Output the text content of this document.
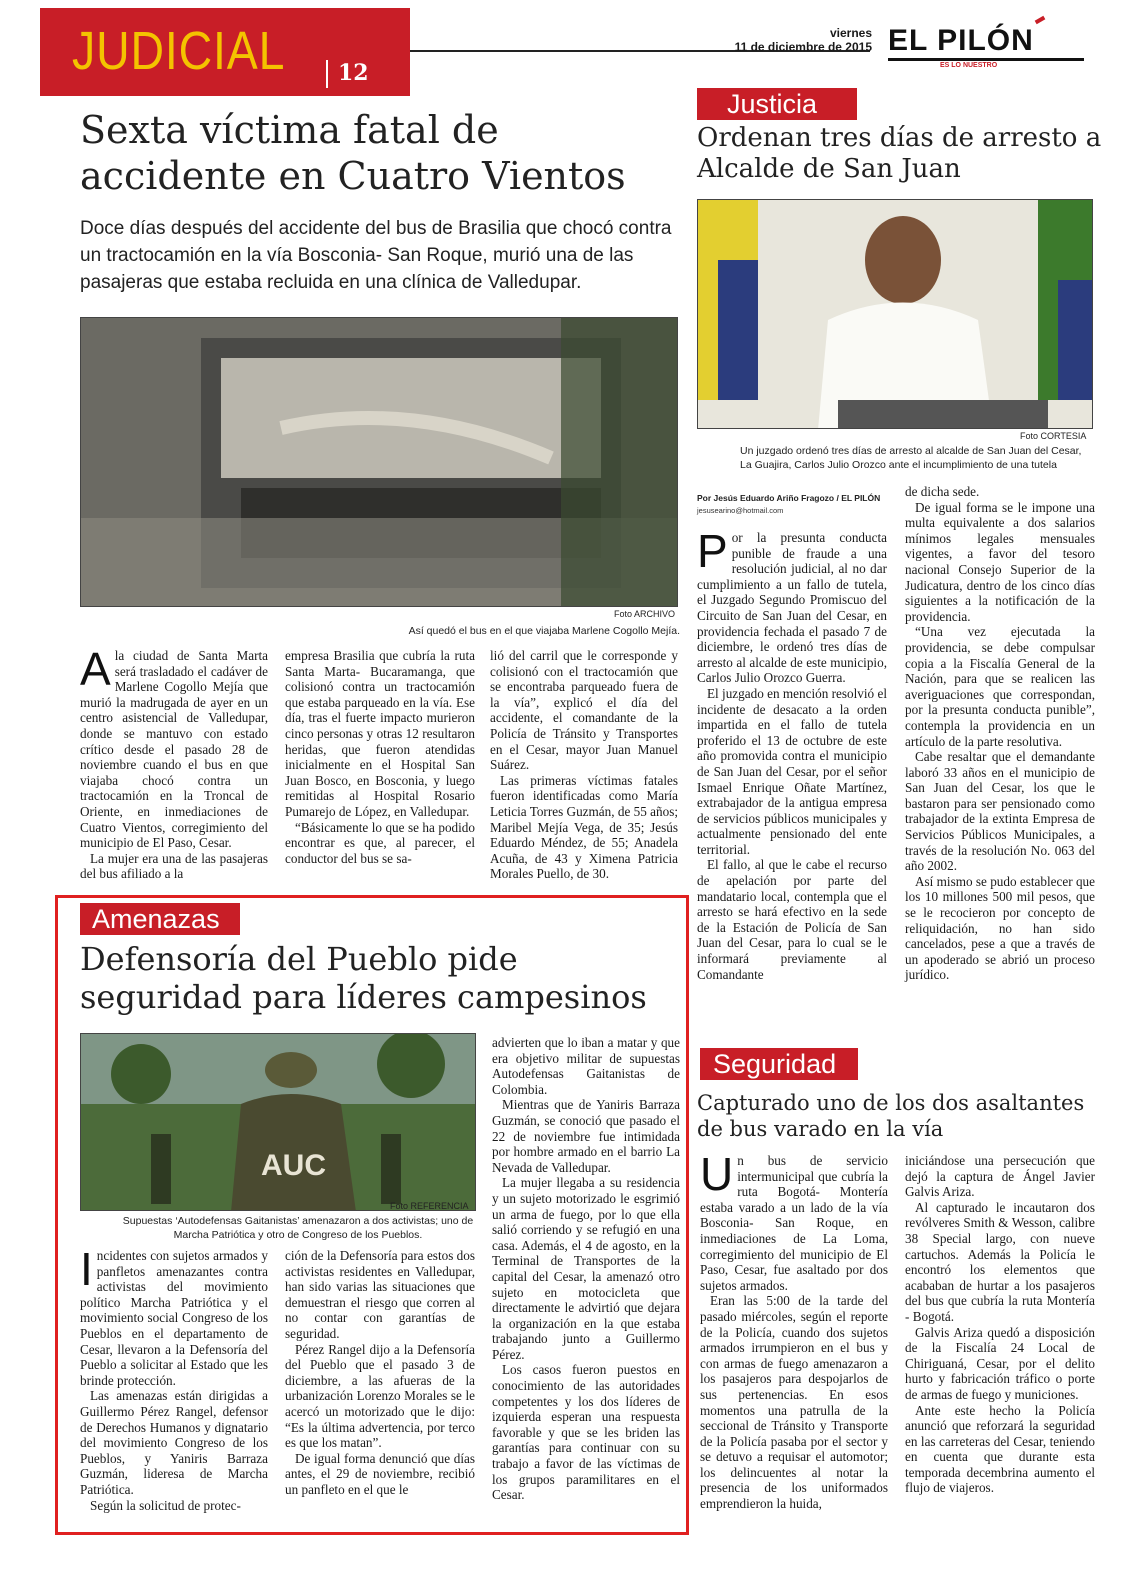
JUDICIAL 12
viernes
11 de diciembre de 2015 EL PILÓN
ES LO NUESTRO
Sexta víctima fatal de accidente en Cuatro Vientos
Doce días después del accidente del bus de Brasilia que chocó contra un tractocamión en la vía Bosconia- San Roque, murió una de las pasajeras que estaba recluida en una clínica de Valledupar.
Foto ARCHIVO
Así quedó el bus en el que viajaba Marlene Cogollo Mejía.
A la ciudad de Santa Marta será trasladado el cadáver de Marlene Cogollo Mejía que murió la madrugada de ayer en un centro asistencial de Valledupar, donde se mantuvo con estado crítico desde el pasado 28 de noviembre cuando el bus en que viajaba chocó contra un tractocamión en la Troncal de Oriente, en inmediaciones de Cuatro Vientos, corregimiento del municipio de El Paso, Cesar.

La mujer era una de las pasajeras del bus afiliado a la

empresa Brasilia que cubría la ruta Santa Marta- Bucaramanga, que colisionó contra un tractocamión que estaba parqueado en la vía. Ese día, tras el fuerte impacto murieron cinco personas y otras 12 resultaron heridas, que fueron atendidas inicialmente en el Hospital San Juan Bosco, en Bosconia, y luego remitidas al Hospital Rosario Pumarejo de López, en Valledupar.

“Básicamente lo que se ha podido encontrar es que, al parecer, el conductor del bus se sa-

lió del carril que le corresponde y colisionó con el tractocamión que se encontraba parqueado fuera de la vía”, explicó el día del accidente, el comandante de la Policía de Tránsito y Transportes en el Cesar, mayor Juan Manuel Suárez.

Las primeras víctimas fatales fueron identificadas como María Leticia Torres Guzmán, de 55 años; Maribel Mejía Vega, de 35; Jesús Eduardo Méndez, de 55; Anadela Acuña, de 43 y Ximena Patricia Morales Puello, de 30.

Justicia
Ordenan tres días de arresto a Alcalde de San Juan
Foto CORTESIA
Un juzgado ordenó tres días de arresto al alcalde de San Juan del Cesar, La Guajira, Carlos Julio Orozco ante el incumplimiento de una tutela
Por Jesús Eduardo Ariño Fragozo / EL PILÓN
jesusearino@hotmail.com
P or la presunta conducta punible de fraude a una resolución judicial, al no dar cumplimiento a un fallo de tutela, el Juzgado Segundo Promiscuo del Circuito de San Juan del Cesar, en providencia fechada el pasado 7 de diciembre, le ordenó tres días de arresto al alcalde de este municipio, Carlos Julio Orozco Guerra.

El juzgado en mención resolvió el incidente de desacato a la orden impartida en el fallo de tutela proferido el 13 de octubre de este año promovida contra el municipio de San Juan del Cesar, por el señor Ismael Enrique Oñate Martínez, extrabajador de la antigua empresa de servicios públicos municipales y actualmente pensionado del ente territorial.

El fallo, al que le cabe el recurso de apelación por parte del mandatario local, contempla que el arresto se hará efectivo en la sede de la Estación de Policía de San Juan del Cesar, para lo cual se le informará previamente al Comandante

de dicha sede.

De igual forma se le impone una multa equivalente a dos salarios mínimos legales mensuales vigentes, a favor del tesoro nacional Consejo Superior de la Judicatura, dentro de los cinco días siguientes a la notificación de la providencia.

“Una vez ejecutada la providencia, se debe compulsar copia a la Fiscalía General de la Nación, para que se realicen las averiguaciones que correspondan, por la presunta conducta punible”, contempla la providencia en un artículo de la parte resolutiva.

Cabe resaltar que el demandante laboró 33 años en el municipio de San Juan del Cesar, los que le bastaron para ser pensionado como trabajador de la extinta Empresa de Servicios Públicos Municipales, a través de la resolución No. 063 del año 2002.

Así mismo se pudo establecer que los 10 millones 500 mil pesos, que se le recocieron por concepto de reliquidación, no han sido cancelados, pese a que a través de un apoderado se abrió un proceso jurídico.

Amenazas
Defensoría del Pueblo pide seguridad para líderes campesinos
AUC
Foto REFERENCIA
Supuestas ‘Autodefensas Gaitanistas’ amenazaron a dos activistas; uno de Marcha Patriótica y otro de Congreso de los Pueblos.
I ncidentes con sujetos armados y panfletos amenazantes contra activistas del movimiento político Marcha Patriótica y el movimiento social Congreso de los Pueblos en el departamento de Cesar, llevaron a la Defensoría del Pueblo a solicitar al Estado que les brinde protección.

Las amenazas están dirigidas a Guillermo Pérez Rangel, defensor de Derechos Humanos y dignatario del movimiento Congreso de los Pueblos, y Yaniris Barraza Guzmán, lideresa de Marcha Patriótica.

Según la solicitud de protec-

ción de la Defensoría para estos dos activistas residentes en Valledupar, han sido varias las situaciones que demuestran el riesgo que corren al no contar con garantías de seguridad.

Pérez Rangel dijo a la Defensoría del Pueblo que el pasado 3 de diciembre, a las afueras de la urbanización Lorenzo Morales se le acercó un motorizado que le dijo: “Es la última advertencia, por terco es que los matan”.

De igual forma denunció que días antes, el 29 de noviembre, recibió un panfleto en el que le

advierten que lo iban a matar y que era objetivo militar de supuestas Autodefensas Gaitanistas de Colombia.

Mientras que de Yaniris Barraza Guzmán, se conoció que pasado el 22 de noviembre fue intimidada por hombre armado en el barrio La Nevada de Valledupar.

La mujer llegaba a su residencia y un sujeto motorizado le esgrimió un arma de fuego, por lo que ella salió corriendo y se refugió en una casa. Además, el 4 de agosto, en la Terminal de Transportes de la capital del Cesar, la amenazó otro sujeto en motocicleta que directamente le advirtió que dejara la organización en la que estaba trabajando junto a Guillermo Pérez.

Los casos fueron puestos en conocimiento de las autoridades competentes y los dos líderes de izquierda esperan una respuesta favorable y que se les briden las garantías para continuar con su trabajo a favor de las víctimas de los grupos paramilitares en el Cesar.

Seguridad
Capturado uno de los dos asaltantes de bus varado en la vía
U n bus de servicio intermunicipal que cubría la ruta Bogotá- Montería estaba varado a un lado de la vía Bosconia- San Roque, en inmediaciones de La Loma, corregimiento del municipio de El Paso, Cesar, fue asaltado por dos sujetos armados.

Eran las 5:00 de la tarde del pasado miércoles, según el reporte de la Policía, cuando dos sujetos armados irrumpieron en el bus y con armas de fuego amenazaron a los pasajeros para despojarlos de sus pertenencias. En esos momentos una patrulla de la seccional de Tránsito y Transporte de la Policía pasaba por el sector y se detuvo a requisar el automotor; los delincuentes al notar la presencia de los uniformados emprendieron la huida,

iniciándose una persecución que dejó la captura de Ángel Javier Galvis Ariza.

Al capturado le incautaron dos revólveres Smith & Wesson, calibre 38 Special largo, con nueve cartuchos. Además la Policía le encontró los elementos que acababan de hurtar a los pasajeros del bus que cubría la ruta Montería - Bogotá.

Galvis Ariza quedó a disposición de la Fiscalía 24 Local de Chiriguaná, Cesar, por el delito hurto y fabricación tráfico o porte de armas de fuego y municiones.

Ante este hecho la Policía anunció que reforzará la seguridad en las carreteras del Cesar, teniendo en cuenta que durante esta temporada decembrina aumento el flujo de viajeros.
